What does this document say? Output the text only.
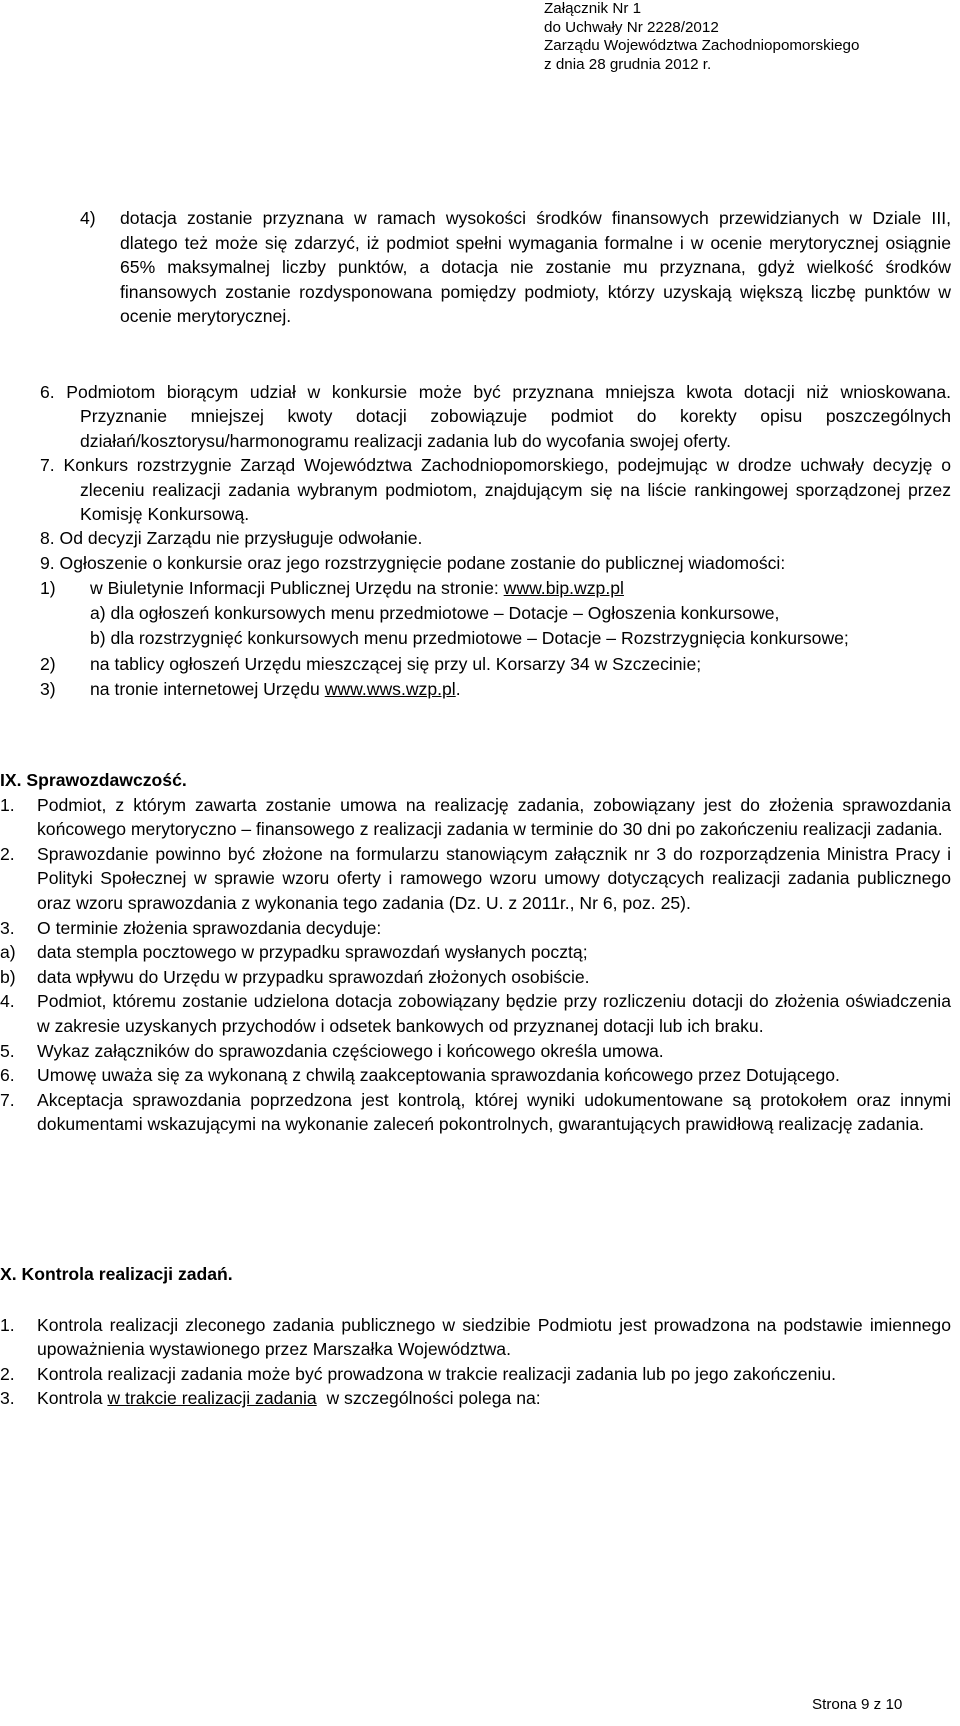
Załącznik Nr 1
do Uchwały Nr 2228/2012
Zarządu Województwa Zachodniopomorskiego
z dnia 28 grudnia 2012 r.
4) dotacja zostanie przyznana w ramach wysokości środków finansowych przewidzianych w Dziale III, dlatego też może się zdarzyć, iż podmiot spełni wymagania formalne i w ocenie merytorycznej osiągnie 65% maksymalnej liczby punktów, a dotacja nie zostanie mu przyznana, gdyż wielkość środków finansowych zostanie rozdysponowana pomiędzy podmioty, którzy uzyskają większą liczbę punktów w ocenie merytorycznej.
6. Podmiotom biorącym udział w konkursie może być przyznana mniejsza kwota dotacji niż wnioskowana. Przyznanie mniejszej kwoty dotacji zobowiązuje podmiot do korekty opisu poszczególnych działań/kosztorysu/harmonogramu realizacji zadania lub do wycofania swojej oferty.
7. Konkurs rozstrzygnie Zarząd Województwa Zachodniopomorskiego, podejmując w drodze uchwały decyzję o zleceniu realizacji zadania wybranym podmiotom, znajdującym się na liście rankingowej sporządzonej przez Komisję Konkursową.
8. Od decyzji Zarządu nie przysługuje odwołanie.
9. Ogłoszenie o konkursie oraz jego rozstrzygnięcie podane zostanie do publicznej wiadomości:
1) w Biuletynie Informacji Publicznej Urzędu na stronie: www.bip.wzp.pl
a) dla ogłoszeń konkursowych menu przedmiotowe – Dotacje – Ogłoszenia konkursowe,
b) dla rozstrzygnięć konkursowych menu przedmiotowe – Dotacje – Rozstrzygnięcia konkursowe;
2) na tablicy ogłoszeń Urzędu mieszczącej się przy ul. Korsarzy 34 w Szczecinie;
3) na tronie internetowej Urzędu www.wws.wzp.pl.
IX. Sprawozdawczość.
1. Podmiot, z którym zawarta zostanie umowa na realizację zadania, zobowiązany jest do złożenia sprawozdania końcowego merytoryczno – finansowego z realizacji zadania w terminie do 30 dni po zakończeniu realizacji zadania.
2. Sprawozdanie powinno być złożone na formularzu stanowiącym załącznik nr 3 do rozporządzenia Ministra Pracy i Polityki Społecznej w sprawie wzoru oferty i ramowego wzoru umowy dotyczących realizacji zadania publicznego oraz wzoru sprawozdania z wykonania tego zadania (Dz. U. z 2011r., Nr 6, poz. 25).
3. O terminie złożenia sprawozdania decyduje:
a) data stempla pocztowego w przypadku sprawozdań wysłanych pocztą;
b) data wpływu do Urzędu w przypadku sprawozdań złożonych osobiście.
4. Podmiot, któremu zostanie udzielona dotacja zobowiązany będzie przy rozliczeniu dotacji do złożenia oświadczenia w zakresie uzyskanych przychodów i odsetek bankowych od przyznanej dotacji lub ich braku.
5. Wykaz załączników do sprawozdania częściowego i końcowego określa umowa.
6. Umowę uważa się za wykonaną z chwilą zaakceptowania sprawozdania końcowego przez Dotującego.
7. Akceptacja sprawozdania poprzedzona jest kontrolą, której wyniki udokumentowane są protokołem oraz innymi dokumentami wskazującymi na wykonanie zaleceń pokontrolnych, gwarantujących prawidłową realizację zadania.
X. Kontrola realizacji zadań.
1. Kontrola realizacji zleconego zadania publicznego w siedzibie Podmiotu jest prowadzona na podstawie imiennego upoważnienia wystawionego przez Marszałka Województwa.
2. Kontrola realizacji zadania może być prowadzona w trakcie realizacji zadania lub po jego zakończeniu.
3. Kontrola w trakcie realizacji zadania  w szczególności polega na:
Strona 9 z 10
